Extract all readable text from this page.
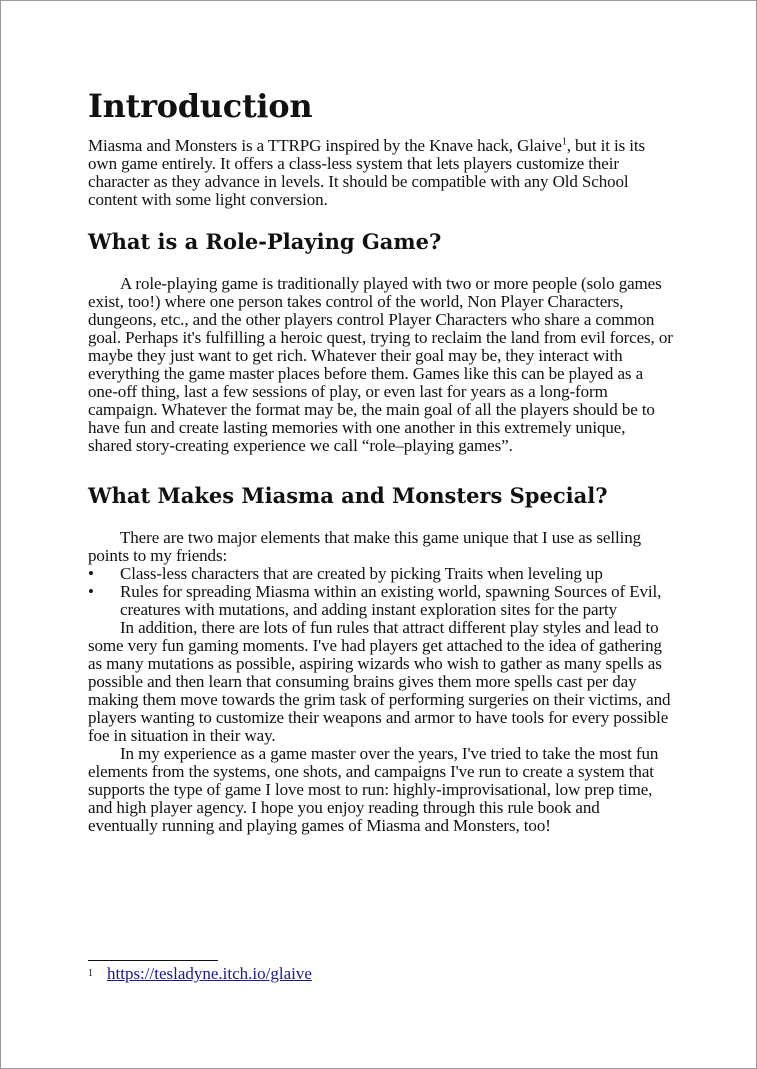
Introduction

Miasma and Monsters is a TTRPG inspired by the Knave hack, Glaive$^1$, but it is its own game entirely. It offers a class-less system that lets players customize their character as they advance in levels. It should be compatible with any Old School content with some light conversion.

What is a Role-Playing Game?

A role-playing game is traditionally played with two or more people (solo games exist, too!) where one person takes control of the world, Non Player Characters, dungeons, etc., and the other players control Player Characters who share a common goal. Perhaps it's fulfilling a heroic quest, trying to reclaim the land from evil forces, or maybe they just want to get rich. Whatever their goal may be, they interact with everything the game master places before them. Games like this can be played as a one-off thing, last a few sessions of play, or even last for years as a long-form campaign. Whatever the format may be, the main goal of all the players should be to have fun and create lasting memories with one another in this extremely unique, shared story-creating experience we call “role–playing games”.

What Makes Miasma and Monsters Special?

There are two major elements that make this game unique that I use as selling points to my friends:

• Class-less characters that are created by picking Traits when leveling up
• Rules for spreading Miasma within an existing world, spawning Sources of Evil, creatures with mutations, and adding instant exploration sites for the party

In addition, there are lots of fun rules that attract different play styles and lead to some very fun gaming moments. I've had players get attached to the idea of gathering as many mutations as possible, aspiring wizards who wish to gather as many spells as possible and then learn that consuming brains gives them more spells cast per day making them move towards the grim task of performing surgeries on their victims, and players wanting to customize their weapons and armor to have tools for every possible foe in situation in their way.

In my experience as a game master over the years, I've tried to take the most fun elements from the systems, one shots, and campaigns I've run to create a system that supports the type of game I love most to run: highly-improvisational, low prep time, and high player agency. I hope you enjoy reading through this rule book and eventually running and playing games of Miasma and Monsters, too!

$^1$ https://tesladyne.itch.io/glaive
